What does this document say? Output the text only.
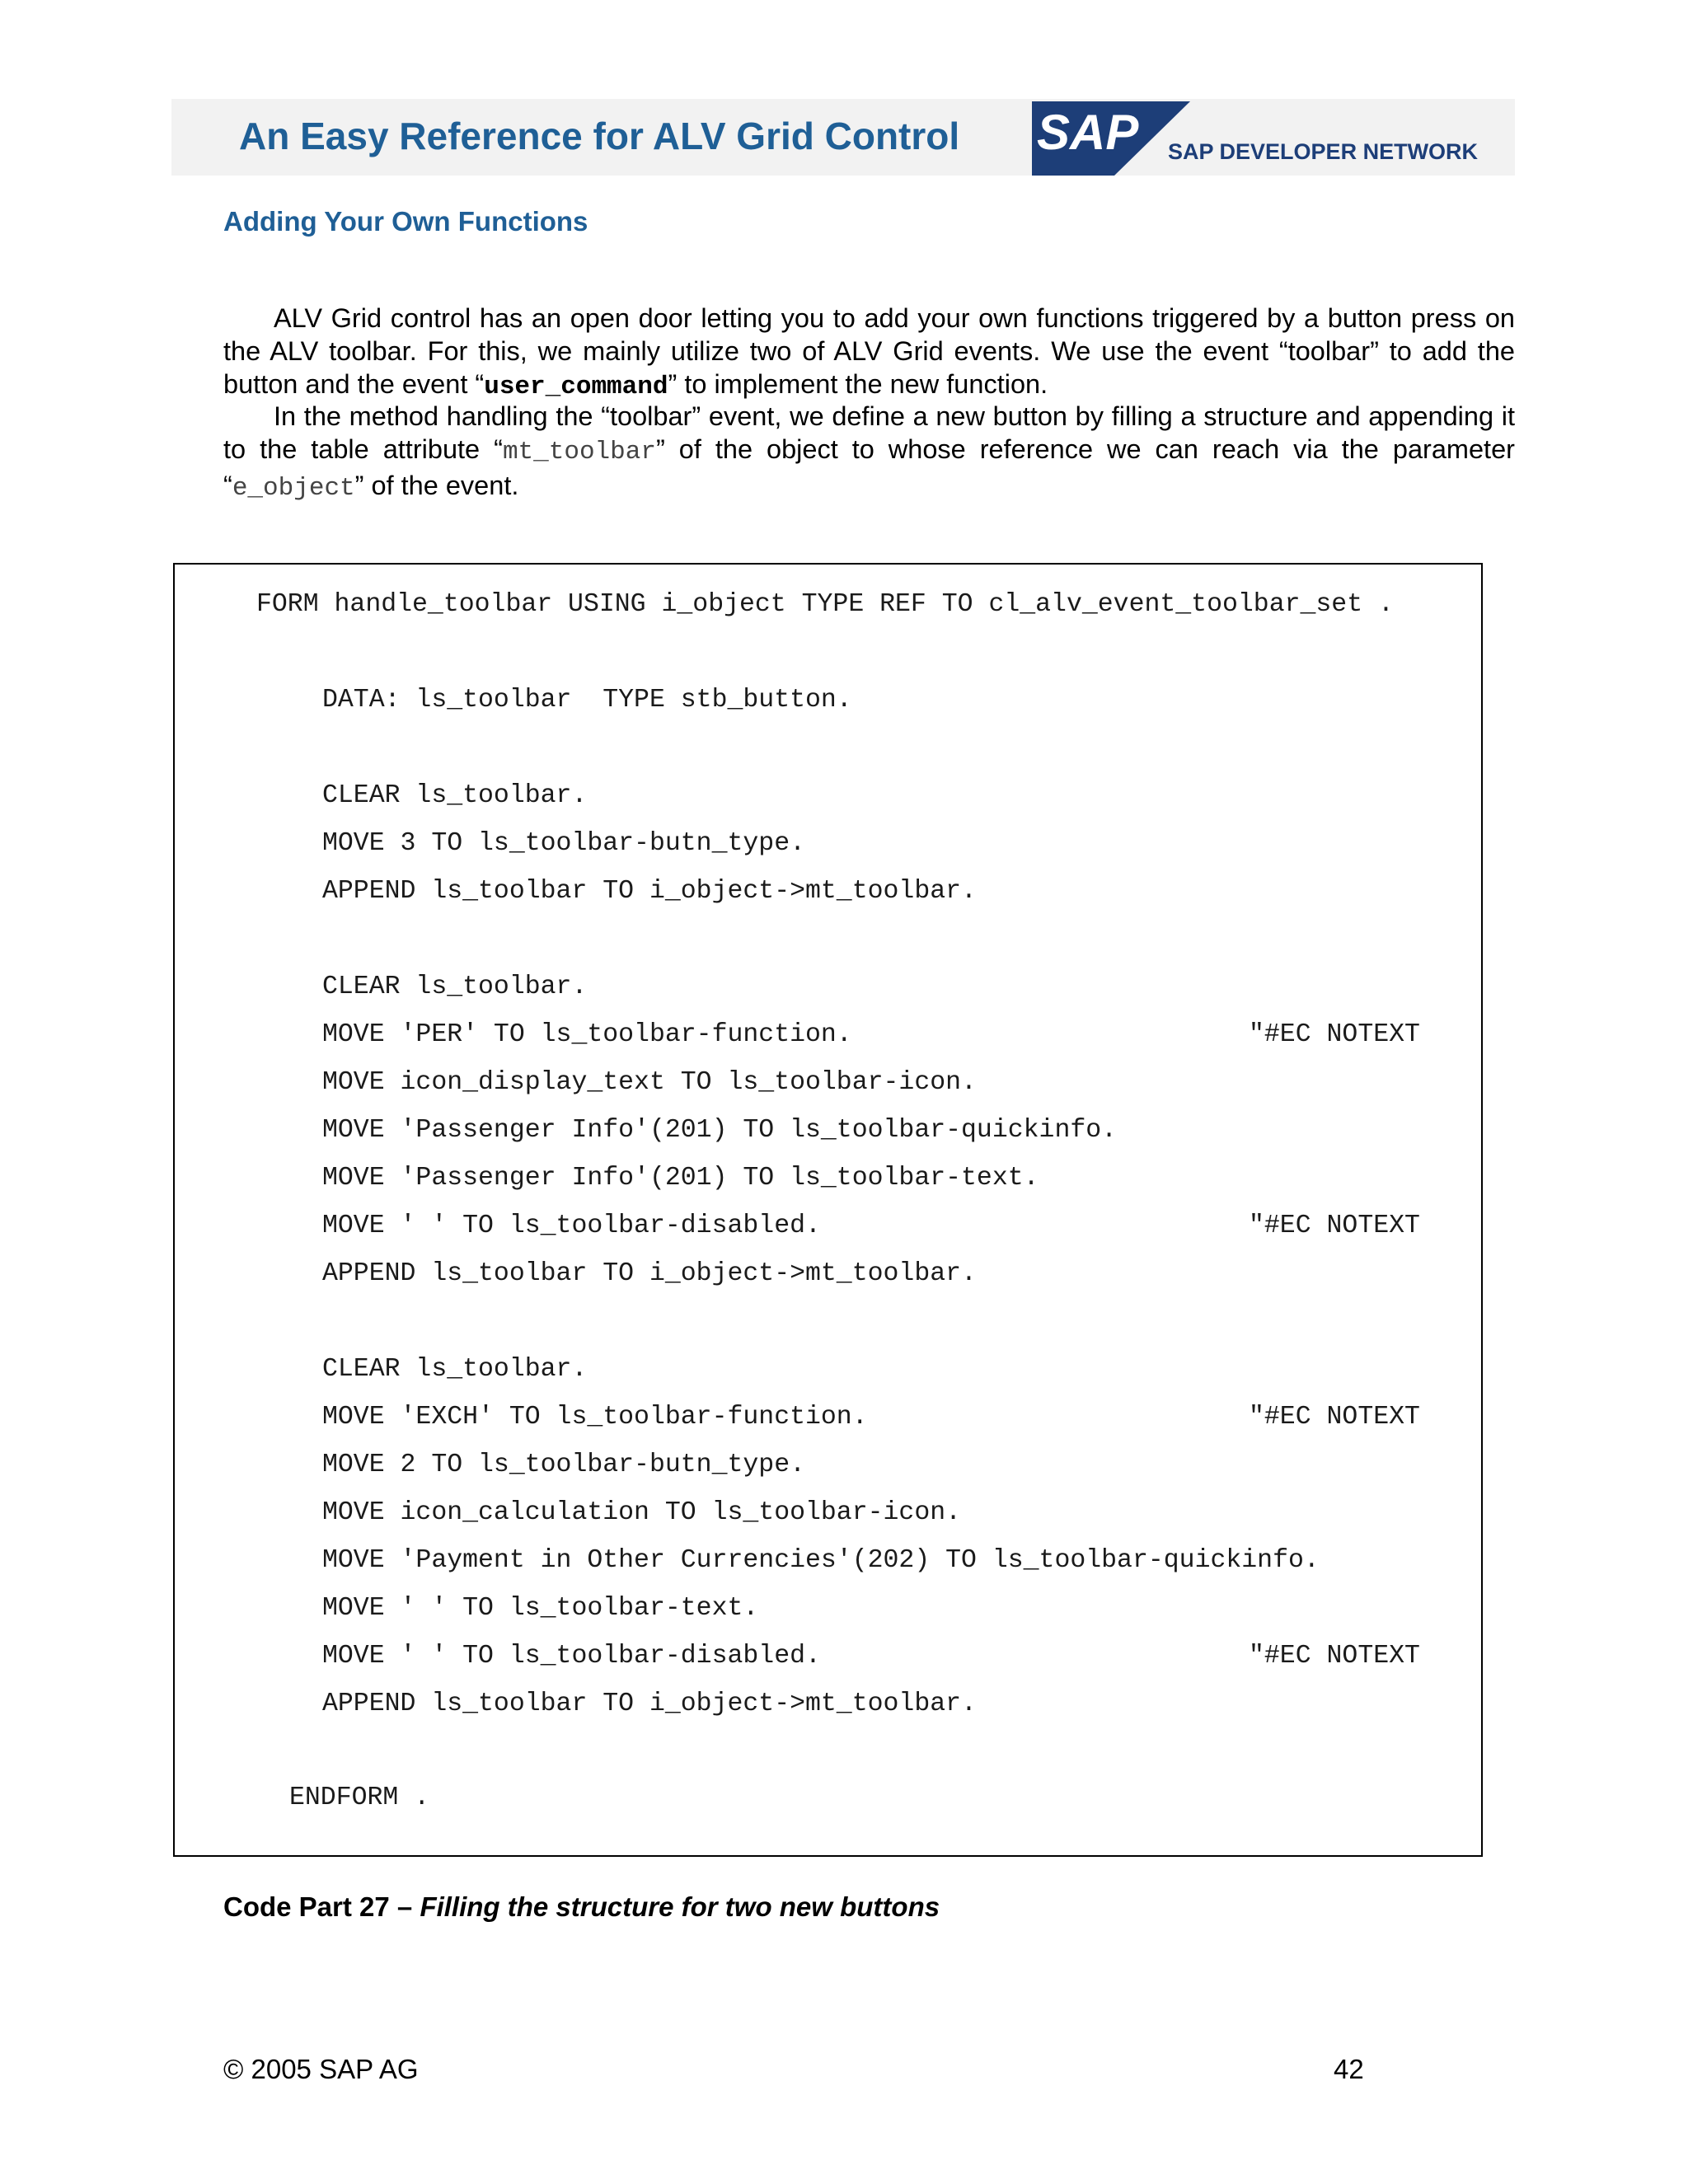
An Easy Reference for ALV Grid Control SAP SAP DEVELOPER NETWORK
Adding Your Own Functions

ALV Grid control has an open door letting you to add your own functions triggered by a button press on the ALV toolbar. For this, we mainly utilize two of ALV Grid events. We use the event “toolbar” to add the button and the event “user_command” to implement the new function.

In the method handling the “toolbar” event, we define a new button by filling a structure and appending it to the table attribute “mt_toolbar” of the object to whose reference we can reach via the parameter “e_object” of the event.

FORM handle_toolbar USING i_object TYPE REF TO cl_alv_event_toolbar_set .
DATA: ls_toolbar  TYPE stb_button.
CLEAR ls_toolbar.
MOVE 3 TO ls_toolbar-butn_type.
APPEND ls_toolbar TO i_object->mt_toolbar.
CLEAR ls_toolbar.
MOVE 'PER' TO ls_toolbar-function.	"#EC NOTEXT
MOVE icon_display_text TO ls_toolbar-icon.
MOVE 'Passenger Info'(201) TO ls_toolbar-quickinfo.
MOVE 'Passenger Info'(201) TO ls_toolbar-text.
MOVE ' ' TO ls_toolbar-disabled.	"#EC NOTEXT
APPEND ls_toolbar TO i_object->mt_toolbar.
CLEAR ls_toolbar.
MOVE 'EXCH' TO ls_toolbar-function.	"#EC NOTEXT
MOVE 2 TO ls_toolbar-butn_type.
MOVE icon_calculation TO ls_toolbar-icon.
MOVE 'Payment in Other Currencies'(202) TO ls_toolbar-quickinfo.
MOVE ' ' TO ls_toolbar-text.
MOVE ' ' TO ls_toolbar-disabled.	"#EC NOTEXT
APPEND ls_toolbar TO i_object->mt_toolbar.
ENDFORM .
Code Part 27 – Filling the structure for two new buttons
© 2005 SAP AG	42
